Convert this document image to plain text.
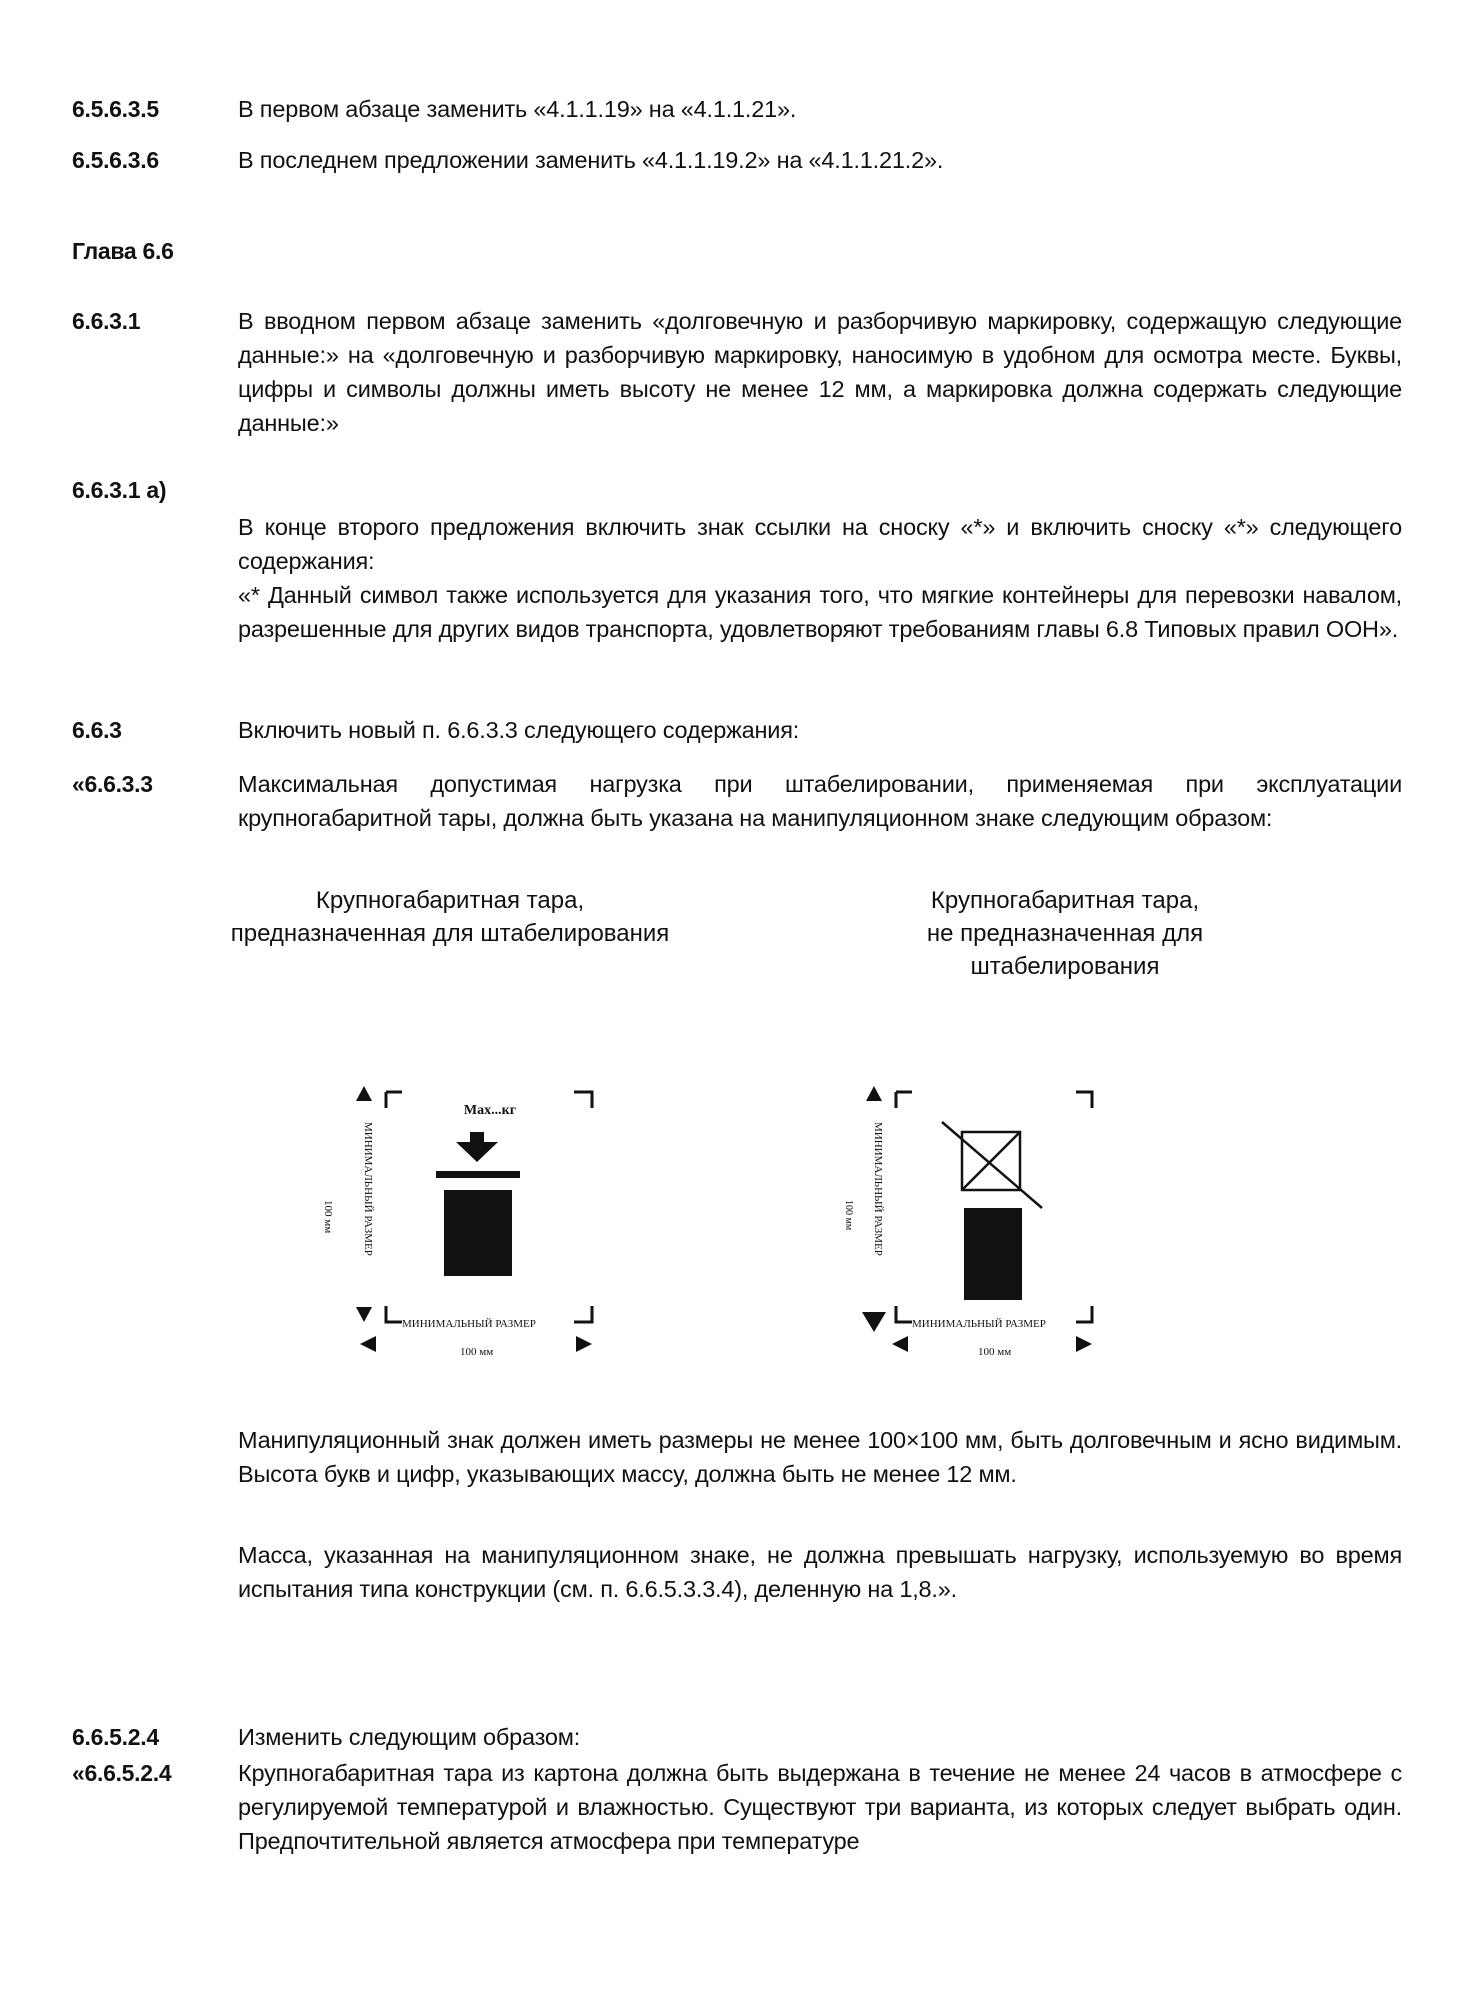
6.5.6.3.5	В первом абзаце заменить «4.1.1.19» на «4.1.1.21».
6.5.6.3.6	В последнем предложении заменить «4.1.1.19.2» на «4.1.1.21.2».
Глава 6.6
6.6.3.1	В вводном первом абзаце заменить «долговечную и разборчивую маркировку, содержащую следующие данные:» на «долговечную и разборчивую маркировку, наносимую в удобном для осмотра месте. Буквы, цифры и символы должны иметь высоту не менее 12 мм, а маркировка должна содержать следующие данные:»
6.6.3.1 а)

В конце второго предложения включить знак ссылки на сноску «*» и включить сноску «*» следующего содержания:

«* Данный символ также используется для указания того, что мягкие контейнеры для перевозки навалом, разрешенные для других видов транспорта, удовлетворяют требованиям главы 6.8 Типовых правил ООН».

6.6.3	Включить новый п. 6.6.3.3 следующего содержания:
«6.6.3.3	Максимальная допустимая нагрузка при штабелировании, применяемая при эксплуатации крупногабаритной тары, должна быть указана на манипуляционном знаке следующим образом:
Крупногабаритная тара,
предназначенная для штабелирования
Крупногабаритная тара,
не предназначенная для
штабелирования
Max...кг
МИНИМАЛЬНЫЙ РАЗМЕР
100 мм
МИНИМАЛЬНЫЙ РАЗМЕР
100 мм
МИНИМАЛЬНЫЙ РАЗМЕР
100 мм
МИНИМАЛЬНЫЙ РАЗМЕР
100 мм

Манипуляционный знак должен иметь размеры не менее 100×100 мм, быть долговечным и ясно видимым. Высота букв и цифр, указывающих массу, должна быть не менее 12 мм.

Масса, указанная на манипуляционном знаке, не должна превышать нагрузку, используемую во время испытания типа конструкции (см. п. 6.6.5.3.3.4), деленную на 1,8.».

6.6.5.2.4	Изменить следующим образом:
«6.6.5.2.4	Крупногабаритная тара из картона должна быть выдержана в течение не менее 24 часов в атмосфере с регулируемой температурой и влажностью. Существуют три варианта, из которых следует выбрать один. Предпочтительной является атмосфера при температуре
